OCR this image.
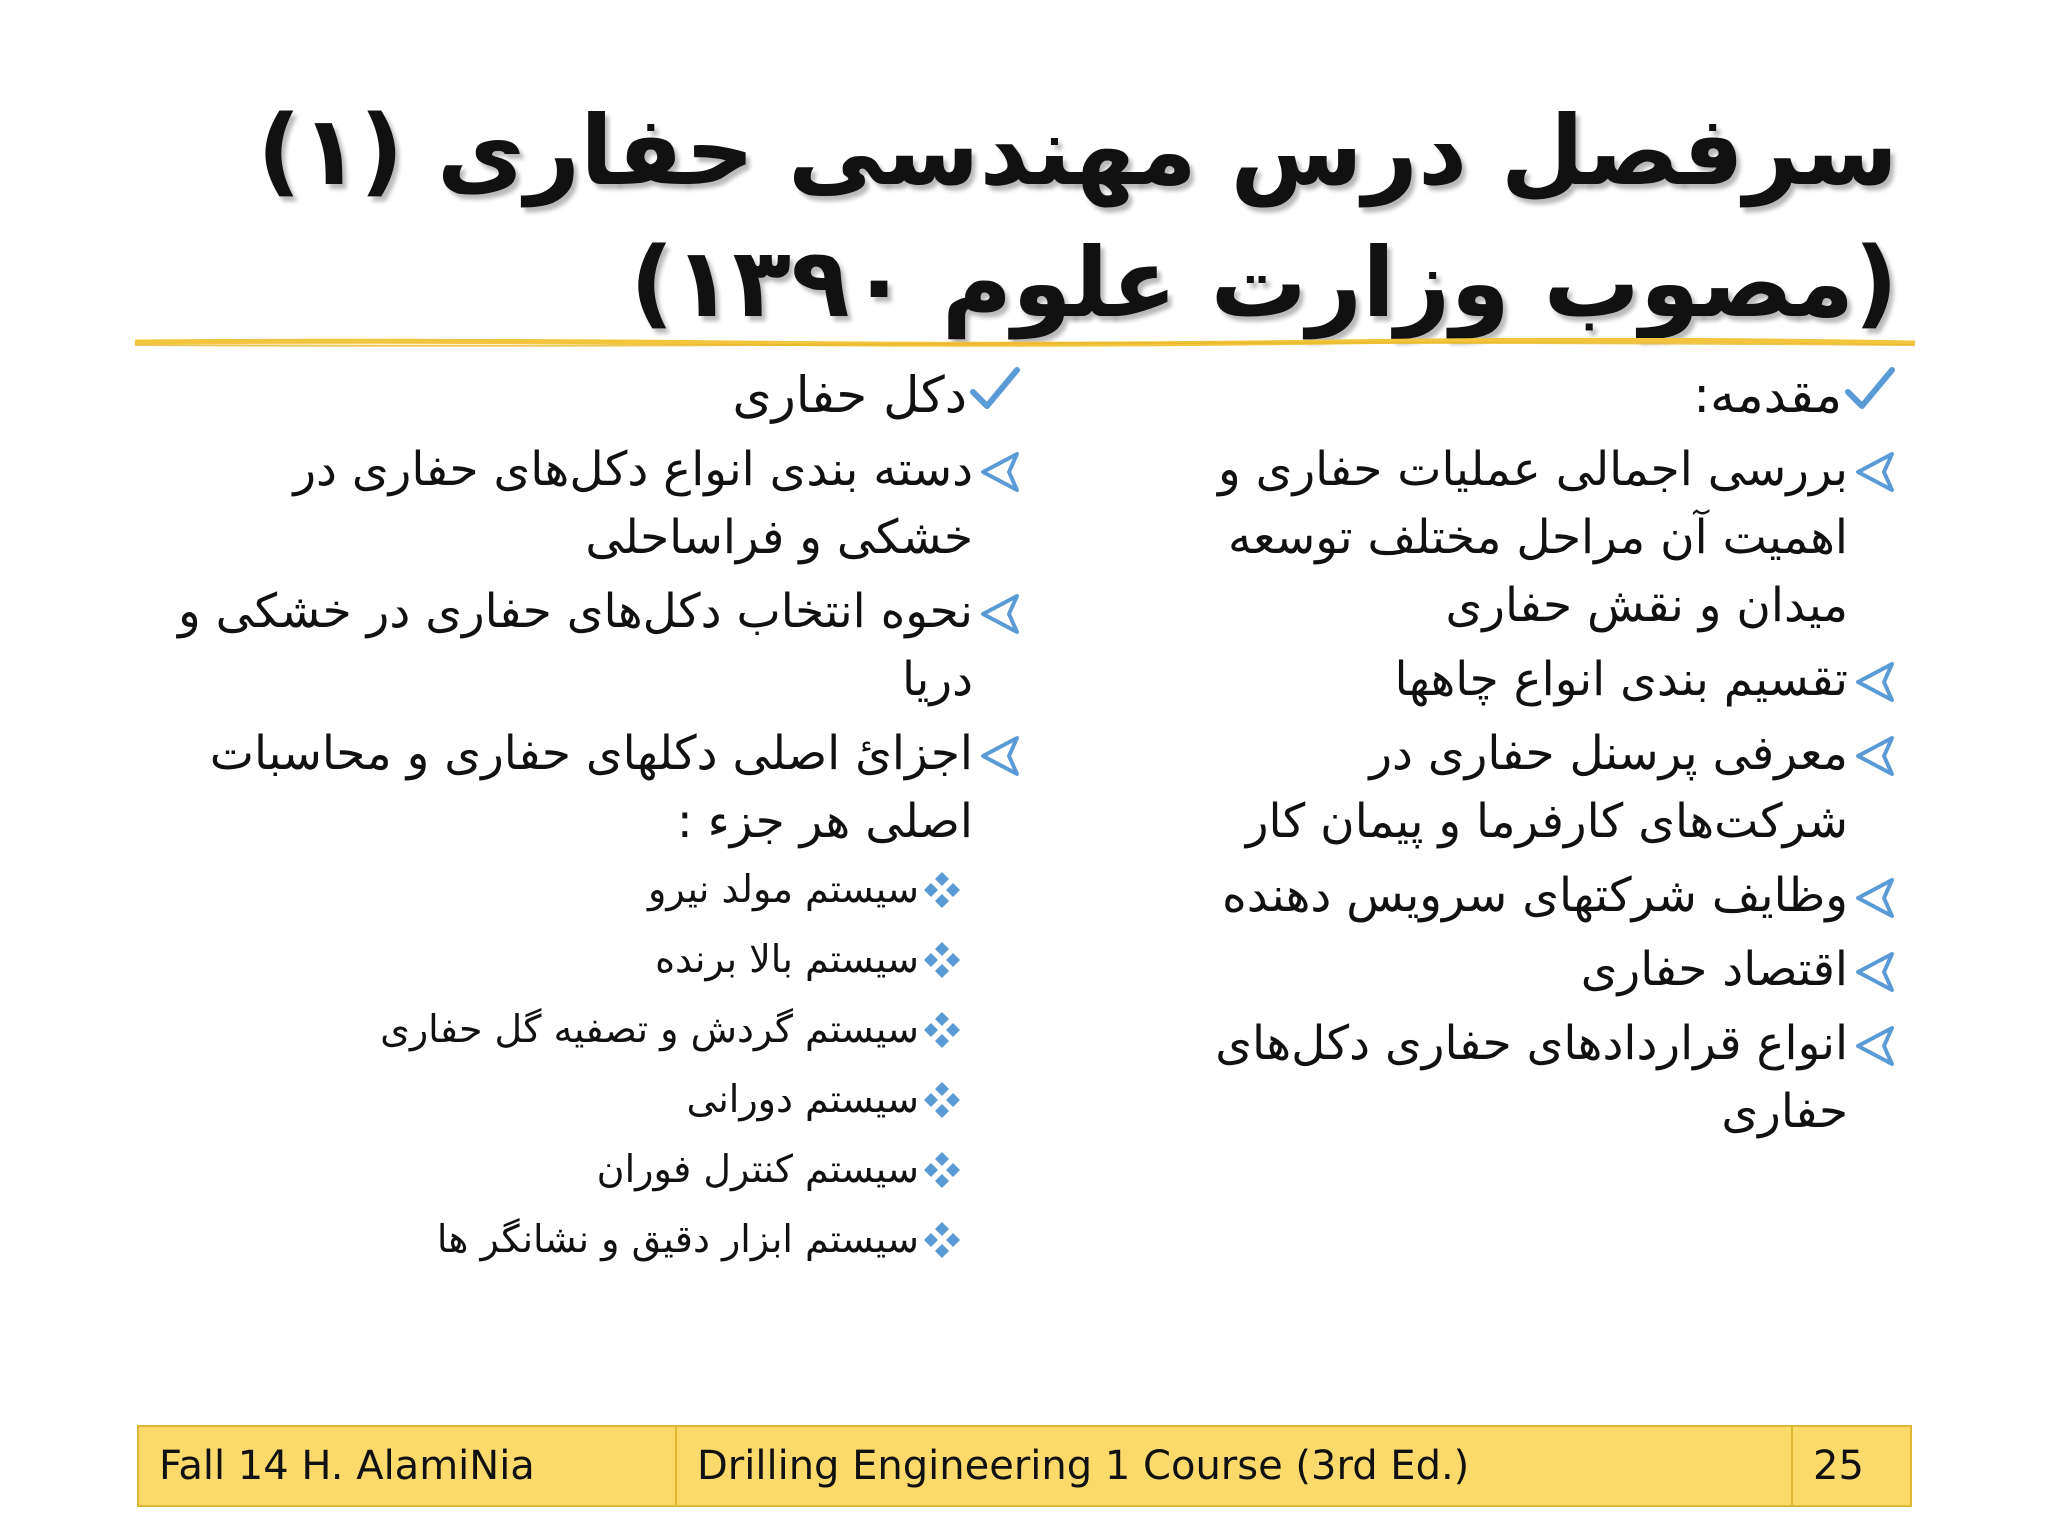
سرفصل درس مهندسی حفاری (۱)
(مصوب وزارت علوم ۱۳۹۰)
مقدمه:
بررسی اجمالی عملیات حفاری و اهمیت آن مراحل مختلف توسعه میدان و نقش حفاری
تقسیم بندی انواع چاهها
معرفی پرسنل حفاری در شرکت‌های کارفرما و پیمان کار
وظایف شرکتهای سرویس دهنده
اقتصاد حفاری
انواع قراردادهای حفاری دکل‌های حفاری
دکل حفاری
دسته بندی انواع دکل‌های حفاری در خشکی و فراساحلی
نحوه انتخاب دکل‌های حفاری در خشکی و دریا
اجزائ اصلی دکلهای حفاری و محاسبات اصلی هر جزء :
سیستم مولد نیرو
سیستم بالا برنده
سیستم گردش و تصفیه گل حفاری
سیستم دورانی
سیستم کنترل فوران
سیستم ابزار دقیق و نشانگر ها
Fall 14 H. AlamiNia	Drilling Engineering 1 Course (3rd Ed.)	25
